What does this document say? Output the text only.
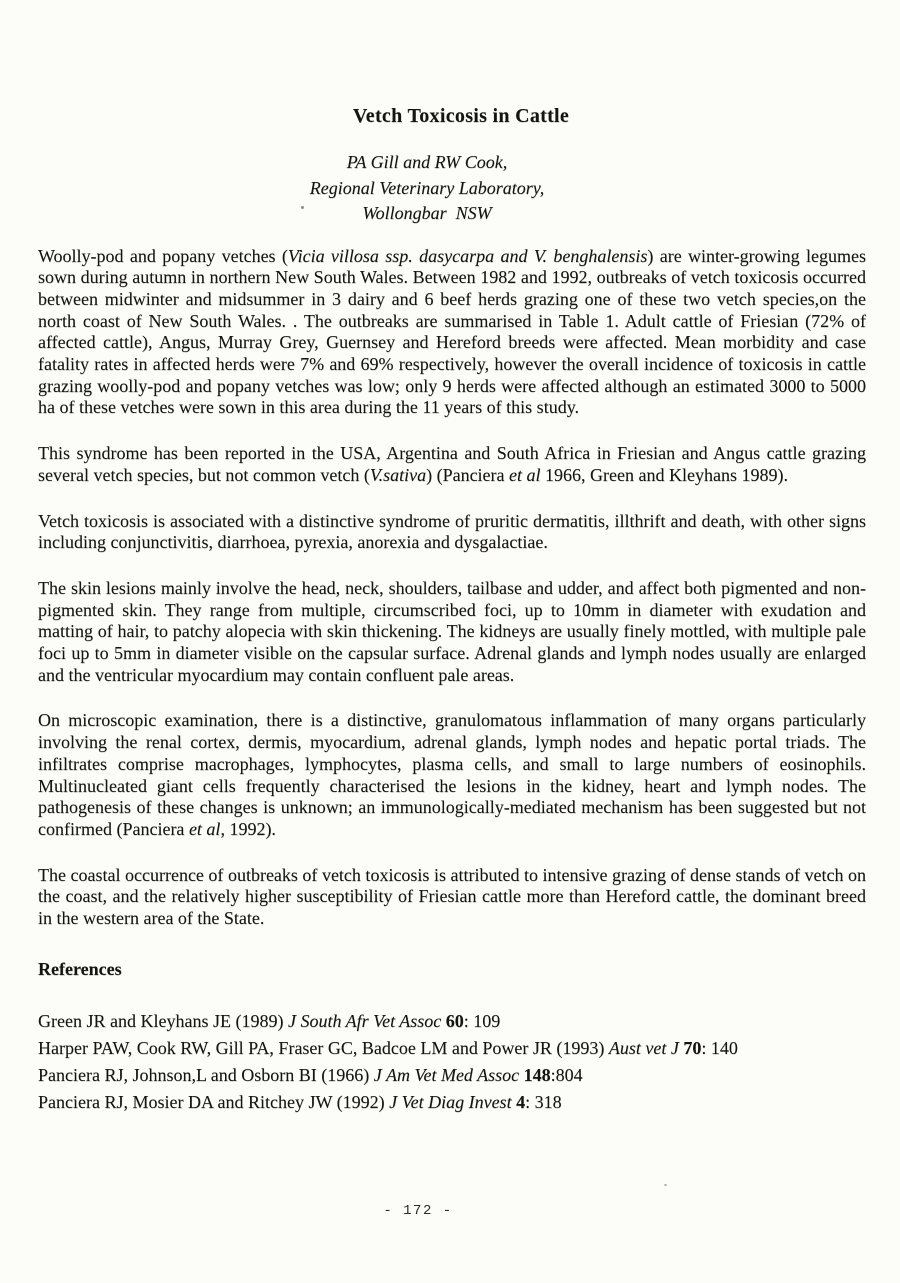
Vetch Toxicosis in Cattle
PA Gill and RW Cook,
Regional Veterinary Laboratory,
Wollongbar NSW

Woolly-pod and popany vetches (Vicia villosa ssp. dasycarpa and V. benghalensis) are winter-growing legumes sown during autumn in northern New South Wales. Between 1982 and 1992, outbreaks of vetch toxicosis occurred between midwinter and midsummer in 3 dairy and 6 beef herds grazing one of these two vetch species,on the north coast of New South Wales. . The outbreaks are summarised in Table 1. Adult cattle of Friesian (72% of affected cattle), Angus, Murray Grey, Guernsey and Hereford breeds were affected. Mean morbidity and case fatality rates in affected herds were 7% and 69% respectively, however the overall incidence of toxicosis in cattle grazing woolly-pod and popany vetches was low; only 9 herds were affected although an estimated 3000 to 5000 ha of these vetches were sown in this area during the 11 years of this study.

This syndrome has been reported in the USA, Argentina and South Africa in Friesian and Angus cattle grazing several vetch species, but not common vetch (V.sativa) (Panciera et al 1966, Green and Kleyhans 1989).

Vetch toxicosis is associated with a distinctive syndrome of pruritic dermatitis, illthrift and death, with other signs including conjunctivitis, diarrhoea, pyrexia, anorexia and dysgalactiae.

The skin lesions mainly involve the head, neck, shoulders, tailbase and udder, and affect both pigmented and non-pigmented skin. They range from multiple, circumscribed foci, up to 10mm in diameter with exudation and matting of hair, to patchy alopecia with skin thickening. The kidneys are usually finely mottled, with multiple pale foci up to 5mm in diameter visible on the capsular surface. Adrenal glands and lymph nodes usually are enlarged and the ventricular myocardium may contain confluent pale areas.

On microscopic examination, there is a distinctive, granulomatous inflammation of many organs particularly involving the renal cortex, dermis, myocardium, adrenal glands, lymph nodes and hepatic portal triads. The infiltrates comprise macrophages, lymphocytes, plasma cells, and small to large numbers of eosinophils. Multinucleated giant cells frequently characterised the lesions in the kidney, heart and lymph nodes. The pathogenesis of these changes is unknown; an immunologically-mediated mechanism has been suggested but not confirmed (Panciera et al, 1992).

The coastal occurrence of outbreaks of vetch toxicosis is attributed to intensive grazing of dense stands of vetch on the coast, and the relatively higher susceptibility of Friesian cattle more than Hereford cattle, the dominant breed in the western area of the State.

References

Green JR and Kleyhans JE (1989) J South Afr Vet Assoc 60: 109

Harper PAW, Cook RW, Gill PA, Fraser GC, Badcoe LM and Power JR (1993) Aust vet J 70: 140

Panciera RJ, Johnson,L and Osborn BI (1966) J Am Vet Med Assoc 148:804

Panciera RJ, Mosier DA and Ritchey JW (1992) J Vet Diag Invest 4: 318

- 172 -
